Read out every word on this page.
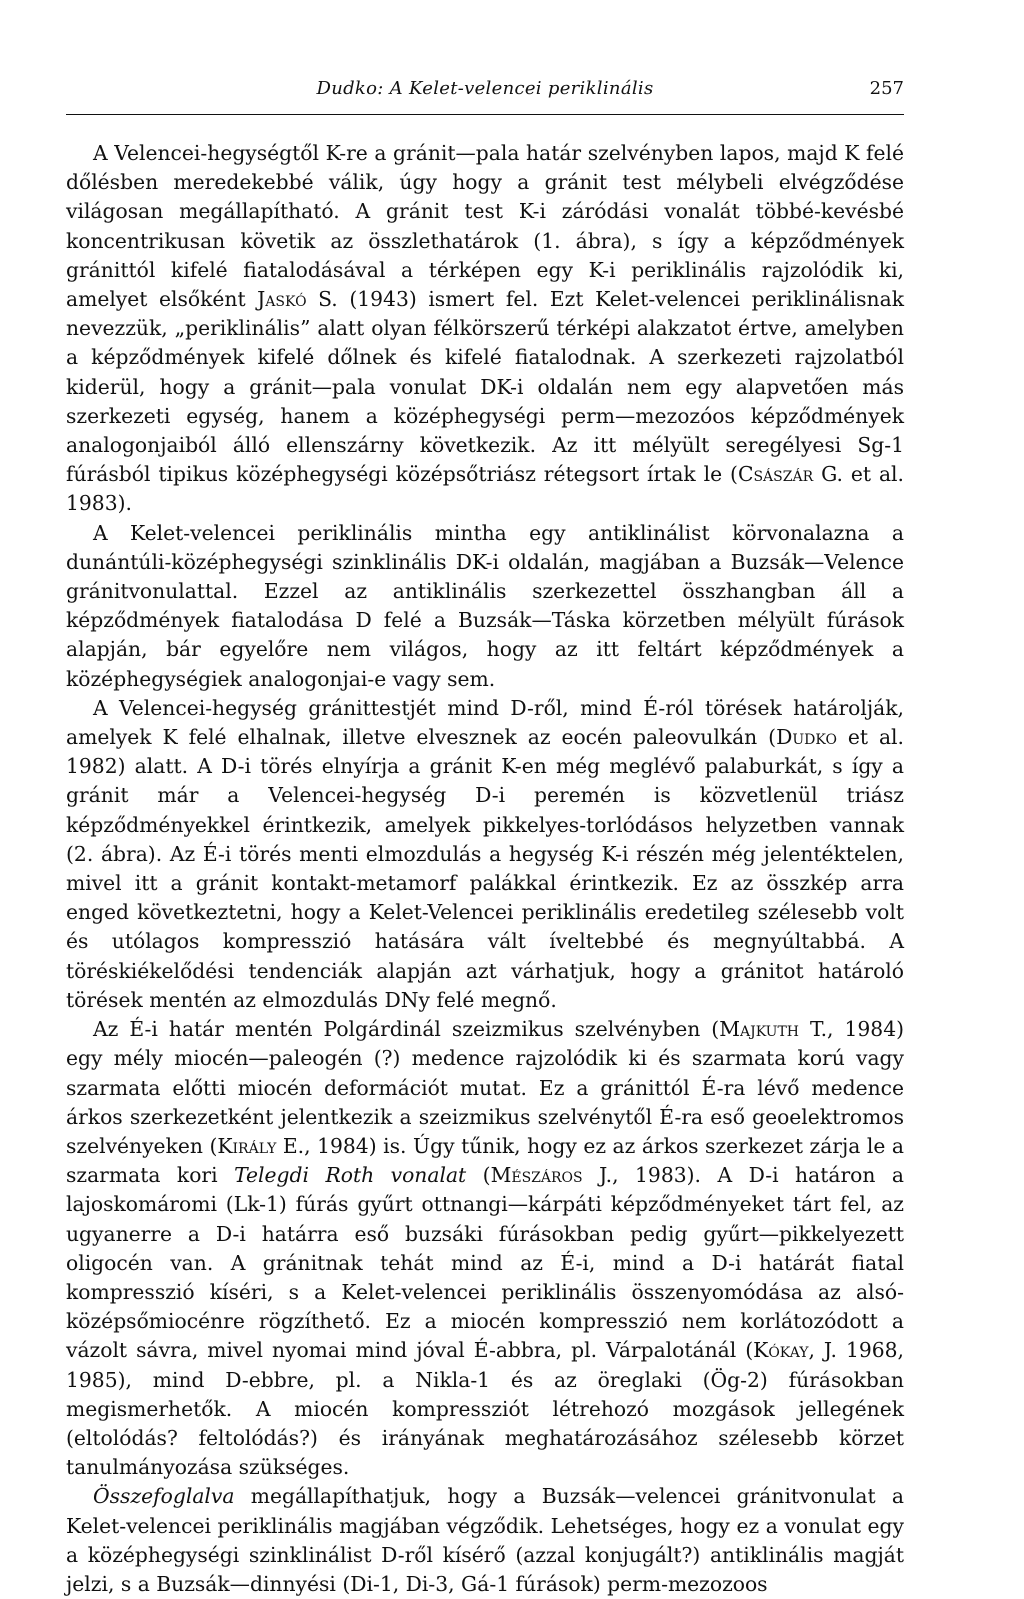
Dudko: A Kelet-velencei periklinális	257

A Velencei-hegységtől K-re a gránit—pala határ szelvényben lapos, majd K felé dőlésben meredekebbé válik, úgy hogy a gránit test mélybeli elvégződése világosan megállapítható. A gránit test K-i záródási vonalát többé-kevésbé koncentrikusan követik az összlethatárok (1. ábra), s így a képződmények gránittól kifelé fiatalodásával a térképen egy K-i periklinális rajzolódik ki, amelyet elsőként Jaskó S. (1943) ismert fel. Ezt Kelet-velencei periklinálisnak nevezzük, „periklinális” alatt olyan félkörszerű térképi alakzatot értve, amelyben a képződmények kifelé dőlnek és kifelé fiatalodnak. A szerkezeti rajzolatból kiderül, hogy a gránit—pala vonulat DK-i oldalán nem egy alapvetően más szerkezeti egység, hanem a középhegységi perm—mezozóos képződmények analogonjaiból álló ellenszárny következik. Az itt mélyült seregélyesi Sg-1 fúrásból tipikus középhegységi középsőtriász rétegsort írtak le (Császár G. et al. 1983).

A Kelet-velencei periklinális mintha egy antiklinálist körvonalazna a dunántúli-középhegységi szinklinális DK-i oldalán, magjában a Buzsák—Velence gránitvonulattal. Ezzel az antiklinális szerkezettel összhangban áll a képződmények fiatalodása D felé a Buzsák—Táska körzetben mélyült fúrások alapján, bár egyelőre nem világos, hogy az itt feltárt képződmények a középhegységiek analogonjai-e vagy sem.

A Velencei-hegység gránittestjét mind D-ről, mind É-ról törések határolják, amelyek K felé elhalnak, illetve elvesznek az eocén paleovulkán (Dudko et al. 1982) alatt. A D-i törés elnyírja a gránit K-en még meglévő palaburkát, s így a gránit már a Velencei-hegység D-i peremén is közvetlenül triász képződményekkel érintkezik, amelyek pikkelyes-torlódásos helyzetben vannak (2. ábra). Az É-i törés menti elmozdulás a hegység K-i részén még jelentéktelen, mivel itt a gránit kontakt-metamorf palákkal érintkezik. Ez az összkép arra enged következtetni, hogy a Kelet-Velencei periklinális eredetileg szélesebb volt és utólagos kompresszió hatására vált íveltebbé és megnyúltabbá. A töréskiékelődési tendenciák alapján azt várhatjuk, hogy a gránitot határoló törések mentén az elmozdulás DNy felé megnő.

Az É-i határ mentén Polgárdinál szeizmikus szelvényben (Majkuth T., 1984) egy mély miocén—paleogén (?) medence rajzolódik ki és szarmata korú vagy szarmata előtti miocén deformációt mutat. Ez a gránittól É-ra lévő medence árkos szerkezetként jelentkezik a szeizmikus szelvénytől É-ra eső geoelektromos szelvényeken (Király E., 1984) is. Úgy tűnik, hogy ez az árkos szerkezet zárja le a szarmata kori Telegdi Roth vonalat (Mészáros J., 1983). A D-i határon a lajoskomáromi (Lk-1) fúrás gyűrt ottnangi—kárpáti képződményeket tárt fel, az ugyanerre a D-i határra eső buzsáki fúrásokban pedig gyűrt—pikkelyezett oligocén van. A gránitnak tehát mind az É-i, mind a D-i határát fiatal kompresszió kíséri, s a Kelet-velencei periklinális összenyomódása az alsó-középsőmiocénre rögzíthető. Ez a miocén kompresszió nem korlátozódott a vázolt sávra, mivel nyomai mind jóval É-abbra, pl. Várpalotánál (Kókay, J. 1968, 1985), mind D-ebbre, pl. a Nikla-1 és az öreglaki (Ög-2) fúrásokban megismerhetők. A miocén kompressziót létrehozó mozgások jellegének (eltolódás? feltolódás?) és irányának meghatározásához szélesebb körzet tanulmányozása szükséges.

Összefoglalva megállapíthatjuk, hogy a Buzsák—velencei gránitvonulat a Kelet-velencei periklinális magjában végződik. Lehetséges, hogy ez a vonulat egy a középhegységi szinklinálist D-ről kísérő (azzal konjugált?) antiklinális magját jelzi, s a Buzsák—dinnyési (Di-1, Di-3, Gá-1 fúrások) perm-mezozoos
